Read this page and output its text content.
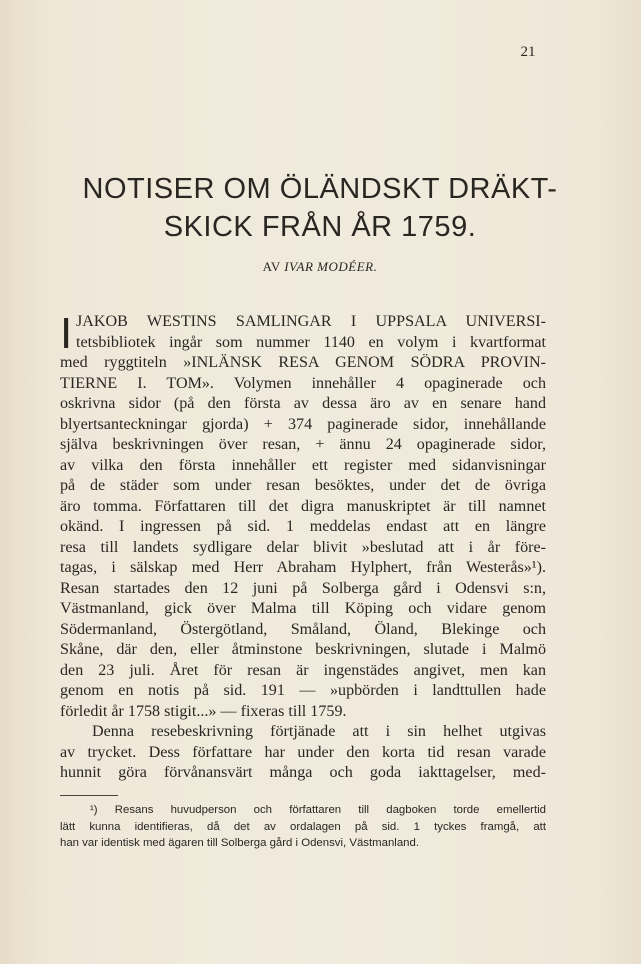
21
NOTISER OM ÖLÄNDSKT DRÄKT-
SKICK FRÅN ÅR 1759.
AV IVAR MODÉER.
I JAKOB WESTINS SAMLINGAR I UPPSALA UNIVERSI-
tetsbibliotek ingår som nummer 1140 en volym i kvartformat
med ryggtiteln »INLÄNSK RESA GENOM SÖDRA PROVIN-
TIERNE I. TOM». Volymen innehåller 4 opaginerade och
oskrivna sidor (på den första av dessa äro av en senare hand
blyertsanteckningar gjorda) + 374 paginerade sidor, innehållande
själva beskrivningen över resan, + ännu 24 opaginerade sidor,
av vilka den första innehåller ett register med sidanvisningar
på de städer som under resan besöktes, under det de övriga
äro tomma. Författaren till det digra manuskriptet är till namnet
okänd. I ingressen på sid. 1 meddelas endast att en längre
resa till landets sydligare delar blivit »beslutad att i år före-
tagas, i sälskap med Herr Abraham Hylphert, från Westerås»¹).
Resan startades den 12 juni på Solberga gård i Odensvi s:n,
Västmanland, gick över Malma till Köping och vidare genom
Södermanland, Östergötland, Småland, Öland, Blekinge och
Skåne, där den, eller åtminstone beskrivningen, slutade i Malmö
den 23 juli. Året för resan är ingenstädes angivet, men kan
genom en notis på sid. 191 — »upbörden i landttullen hade
förledit år 1758 stigit...» — fixeras till 1759.

Denna resebeskrivning förtjänade att i sin helhet utgivas
av trycket. Dess författare har under den korta tid resan varade
hunnit göra förvånansvärt många och goda iakttagelser, med-

¹) Resans huvudperson och författaren till dagboken torde emellertid
lätt kunna identifieras, då det av ordalagen på sid. 1 tyckes framgå, att
han var identisk med ägaren till Solberga gård i Odensvi, Västmanland.
